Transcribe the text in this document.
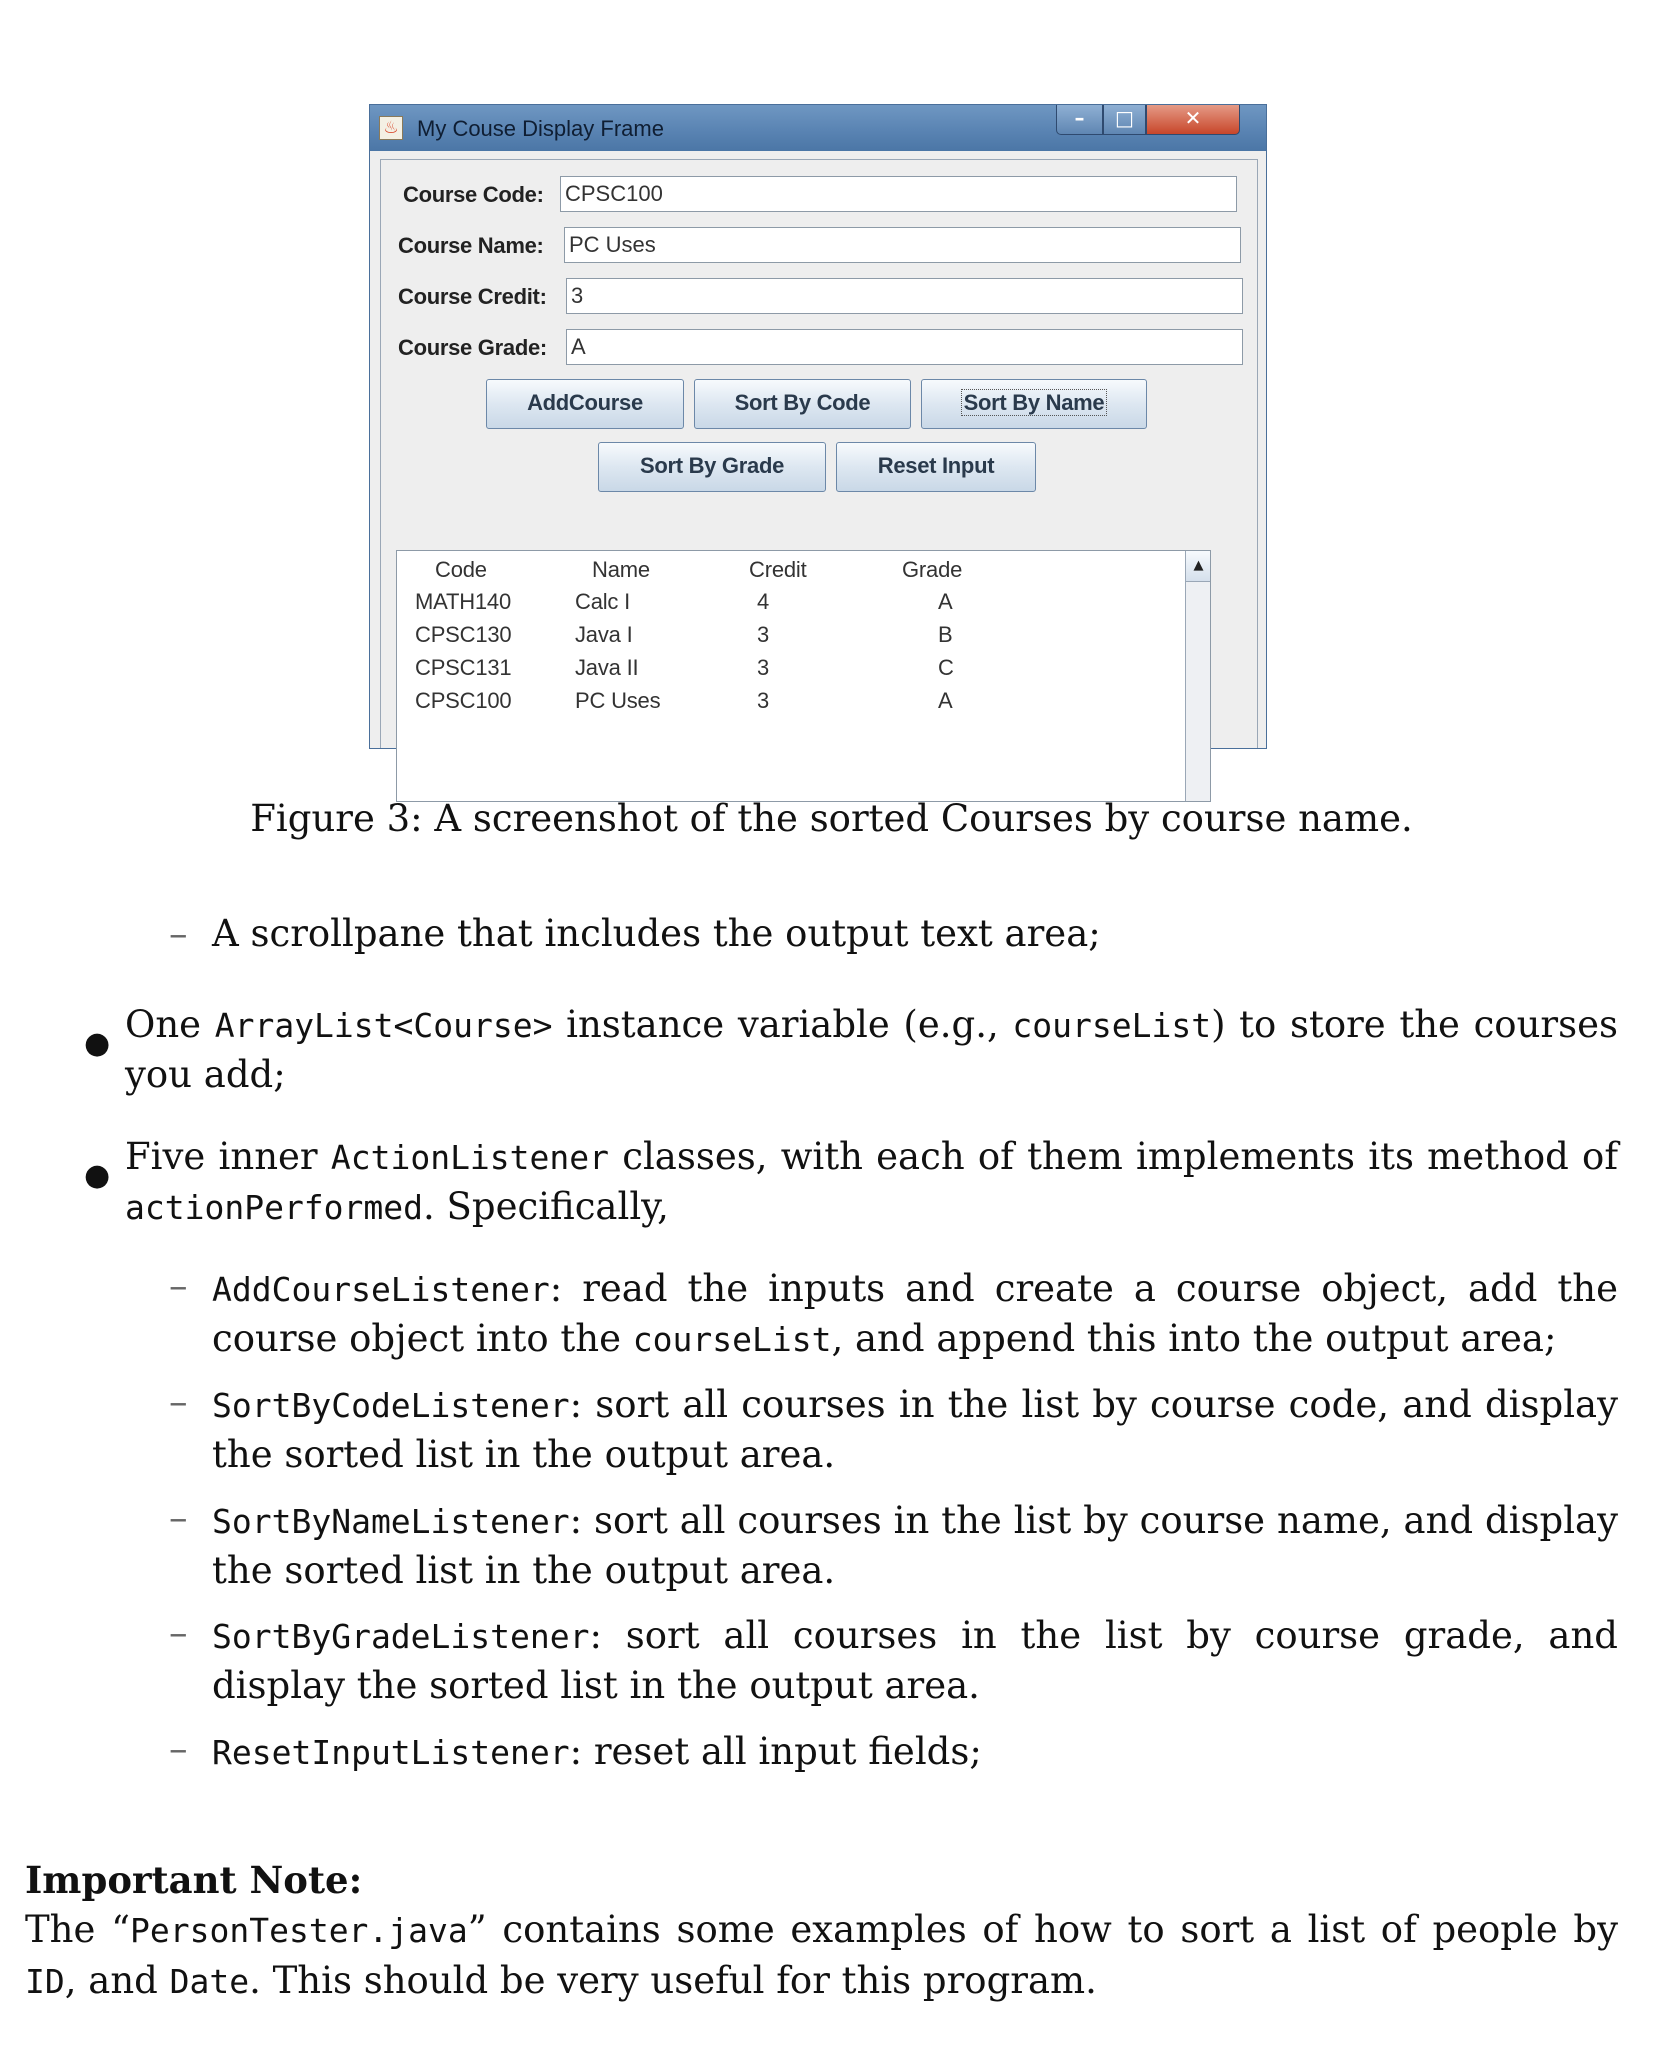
♨ My Couse Display Frame	–	□	✕
Course Code: CPSC100
Course Name: PC Uses
Course Credit: 3
Course Grade: A
AddCourse	Sort By Code	Sort By Name
Sort By Grade	Reset Input
Code	Name	Credit	Grade
MATH140	Calc I	4	A
CPSC130	Java I	3	B
CPSC131	Java II	3	C
CPSC100	PC Uses	3	A
▲
Figure 3: A screenshot of the sorted Courses by course name.
– A scrollpane that includes the output text area;
● One ArrayList<Course> instance variable (e.g., courseList) to store the courses you add;

● Five inner ActionListener classes, with each of them implements its method of actionPerformed. Specifically,

– AddCourseListener: read the inputs and create a course object, add the course object into the courseList, and append this into the output area;

– SortByCodeListener: sort all courses in the list by course code, and display the sorted list in the output area.

– SortByNameListener: sort all courses in the list by course name, and display the sorted list in the output area.

– SortByGradeListener: sort all courses in the list by course grade, and display the sorted list in the output area.

– ResetInputListener: reset all input fields;

Important Note:

The “PersonTester.java” contains some examples of how to sort a list of people by ID, and Date. This should be very useful for this program.
